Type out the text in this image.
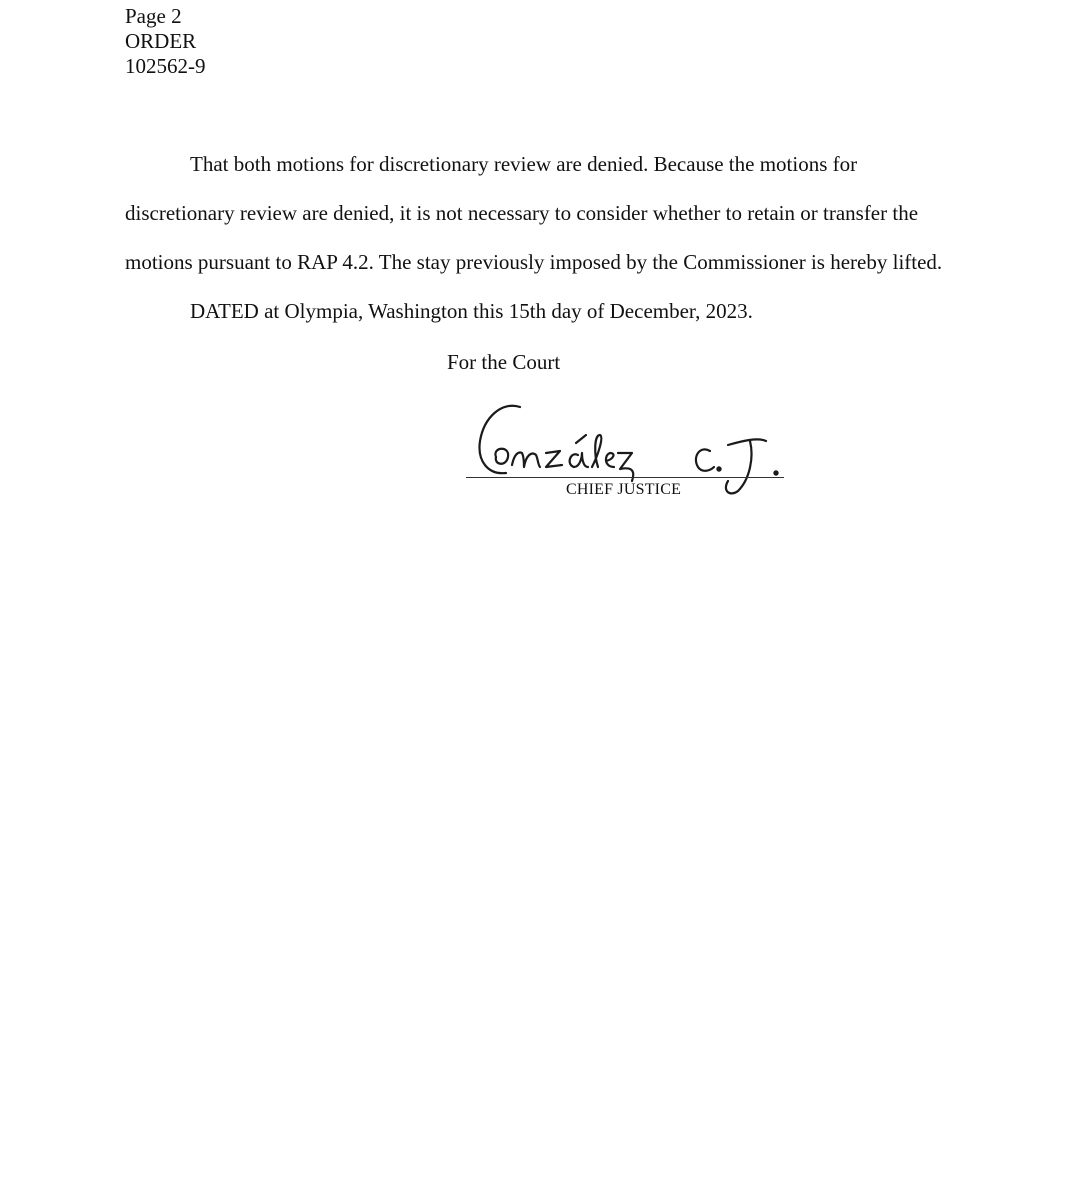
Page 2
ORDER
102562-9
That both motions for discretionary review are denied. Because the motions for
discretionary review are denied, it is not necessary to consider whether to retain or transfer the
motions pursuant to RAP 4.2. The stay previously imposed by the Commissioner is hereby lifted.
DATED at Olympia, Washington this 15th day of December, 2023.
For the Court
CHIEF JUSTICE
